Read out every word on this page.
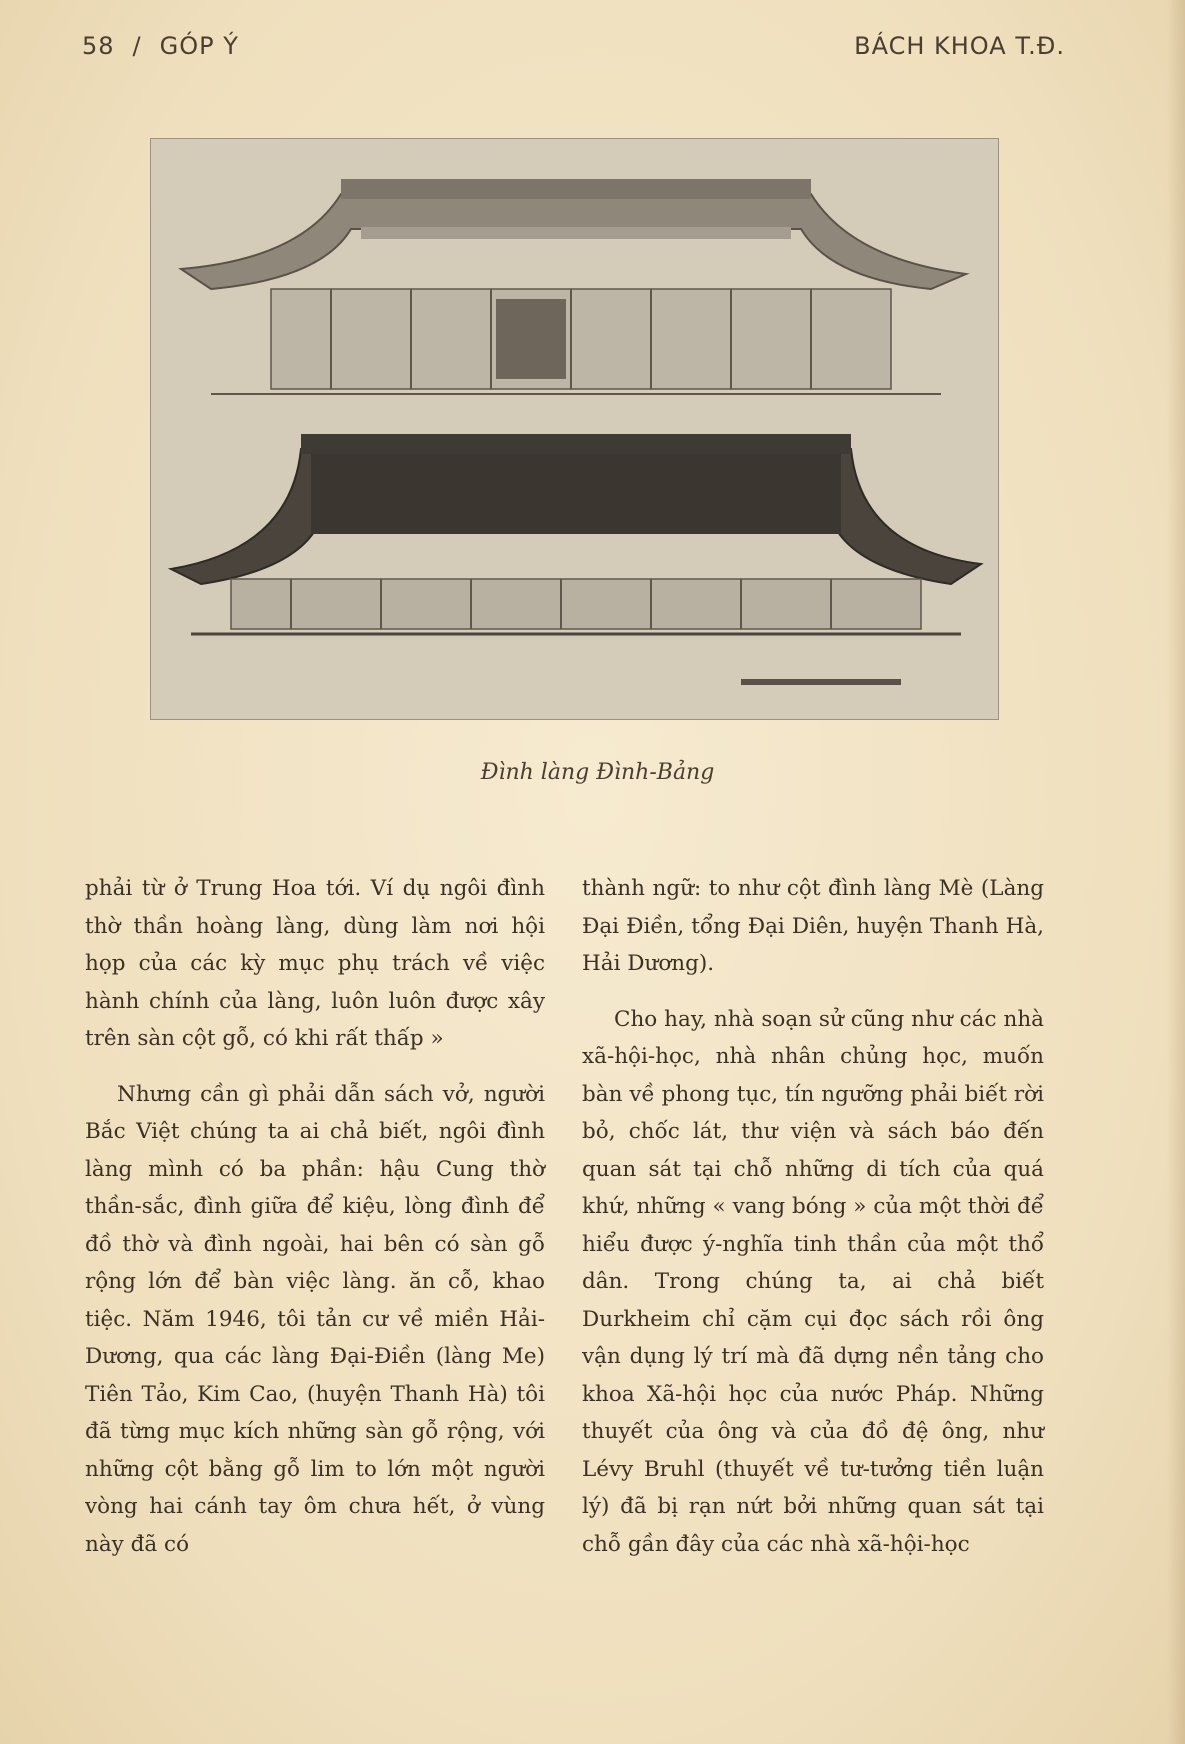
58 / GÓP Ý	BÁCH KHOA T.Đ.
Đình làng Đình-Bảng

phải từ ở Trung Hoa tới. Ví dụ ngôi đình thờ thần hoàng làng, dùng làm nơi hội họp của các kỳ mục phụ trách về việc hành chính của làng, luôn luôn được xây trên sàn cột gỗ, có khi rất thấp »

Nhưng cần gì phải dẫn sách vở, người Bắc Việt chúng ta ai chả biết, ngôi đình làng mình có ba phần: hậu Cung thờ thần-sắc, đình giữa để kiệu, lòng đình để đồ thờ và đình ngoài, hai bên có sàn gỗ rộng lớn để bàn việc làng. ăn cỗ, khao tiệc. Năm 1946, tôi tản cư về miền Hải-Dương, qua các làng Đại-Điền (làng Me) Tiên Tảo, Kim Cao, (huyện Thanh Hà) tôi đã từng mục kích những sàn gỗ rộng, với những cột bằng gỗ lim to lớn một người vòng hai cánh tay ôm chưa hết, ở vùng này đã có

thành ngữ: to như cột đình làng Mè (Làng Đại Điền, tổng Đại Diên, huyện Thanh Hà, Hải Dương).

Cho hay, nhà soạn sử cũng như các nhà xã-hội-học, nhà nhân chủng học, muốn bàn về phong tục, tín ngưỡng phải biết rời bỏ, chốc lát, thư viện và sách báo đến quan sát tại chỗ những di tích của quá khứ, những « vang bóng » của một thời để hiểu được ý-nghĩa tinh thần của một thổ dân. Trong chúng ta, ai chả biết Durkheim chỉ cặm cụi đọc sách rồi ông vận dụng lý trí mà đã dựng nền tảng cho khoa Xã-hội học của nước Pháp. Những thuyết của ông và của đồ đệ ông, như Lévy Bruhl (thuyết về tư-tưởng tiền luận lý) đã bị rạn nứt bởi những quan sát tại chỗ gần đây của các nhà xã-hội-học
